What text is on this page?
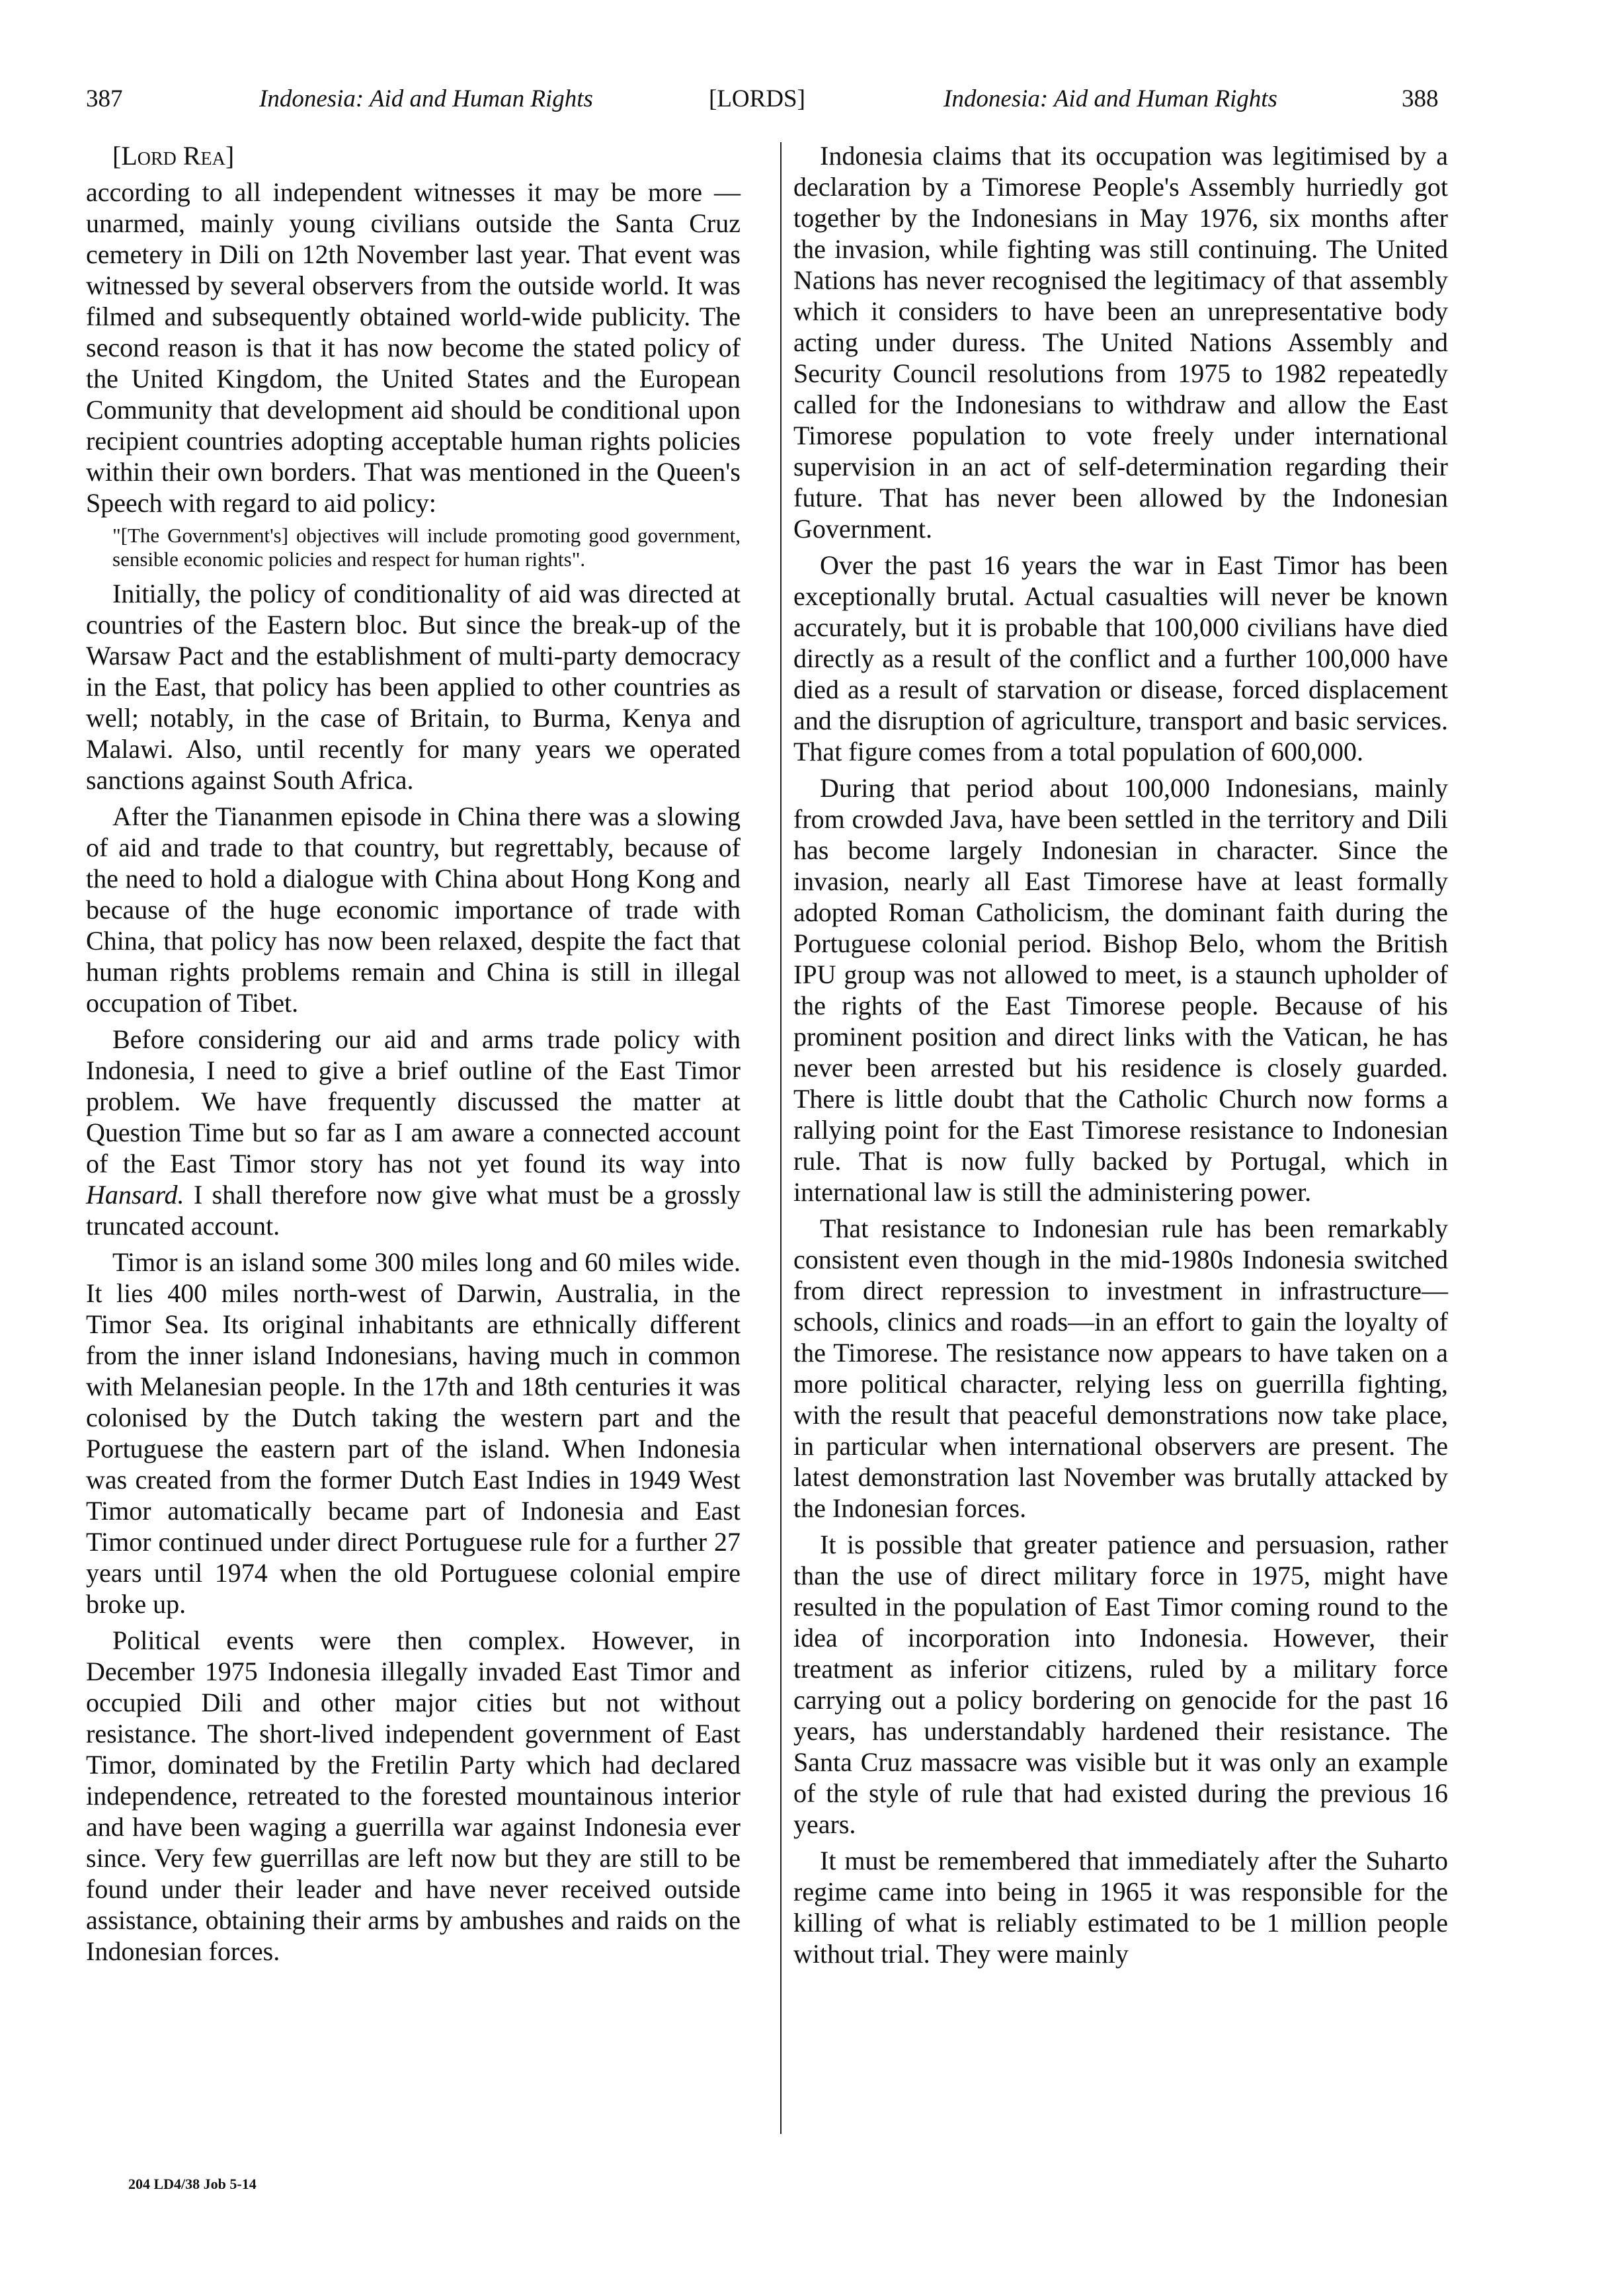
387	Indonesia: Aid and Human Rights	[LORDS]	Indonesia: Aid and Human Rights	388

[Lord Rea]

according to all independent witnesses it may be more —unarmed, mainly young civilians outside the Santa Cruz cemetery in Dili on 12th November last year. That event was witnessed by several observers from the outside world. It was filmed and subsequently obtained world-wide publicity. The second reason is that it has now become the stated policy of the United Kingdom, the United States and the European Community that development aid should be conditional upon recipient countries adopting acceptable human rights policies within their own borders. That was mentioned in the Queen's Speech with regard to aid policy:

"[The Government's] objectives will include promoting good government, sensible economic policies and respect for human rights".

Initially, the policy of conditionality of aid was directed at countries of the Eastern bloc. But since the break-up of the Warsaw Pact and the establishment of multi-party democracy in the East, that policy has been applied to other countries as well; notably, in the case of Britain, to Burma, Kenya and Malawi. Also, until recently for many years we operated sanctions against South Africa.

After the Tiananmen episode in China there was a slowing of aid and trade to that country, but regrettably, because of the need to hold a dialogue with China about Hong Kong and because of the huge economic importance of trade with China, that policy has now been relaxed, despite the fact that human rights problems remain and China is still in illegal occupation of Tibet.

Before considering our aid and arms trade policy with Indonesia, I need to give a brief outline of the East Timor problem. We have frequently discussed the matter at Question Time but so far as I am aware a connected account of the East Timor story has not yet found its way into Hansard. I shall therefore now give what must be a grossly truncated account.

Timor is an island some 300 miles long and 60 miles wide. It lies 400 miles north-west of Darwin, Australia, in the Timor Sea. Its original inhabitants are ethnically different from the inner island Indonesians, having much in common with Melanesian people. In the 17th and 18th centuries it was colonised by the Dutch taking the western part and the Portuguese the eastern part of the island. When Indonesia was created from the former Dutch East Indies in 1949 West Timor automatically became part of Indonesia and East Timor continued under direct Portuguese rule for a further 27 years until 1974 when the old Portuguese colonial empire broke up.

Political events were then complex. However, in December 1975 Indonesia illegally invaded East Timor and occupied Dili and other major cities but not without resistance. The short-lived independent government of East Timor, dominated by the Fretilin Party which had declared independence, retreated to the forested mountainous interior and have been waging a guerrilla war against Indonesia ever since. Very few guerrillas are left now but they are still to be found under their leader and have never received outside assistance, obtaining their arms by ambushes and raids on the Indonesian forces.

Indonesia claims that its occupation was legitimised by a declaration by a Timorese People's Assembly hurriedly got together by the Indonesians in May 1976, six months after the invasion, while fighting was still continuing. The United Nations has never recognised the legitimacy of that assembly which it considers to have been an unrepresentative body acting under duress. The United Nations Assembly and Security Council resolutions from 1975 to 1982 repeatedly called for the Indonesians to withdraw and allow the East Timorese population to vote freely under international supervision in an act of self-determination regarding their future. That has never been allowed by the Indonesian Government.

Over the past 16 years the war in East Timor has been exceptionally brutal. Actual casualties will never be known accurately, but it is probable that 100,000 civilians have died directly as a result of the conflict and a further 100,000 have died as a result of starvation or disease, forced displacement and the disruption of agriculture, transport and basic services. That figure comes from a total population of 600,000.

During that period about 100,000 Indonesians, mainly from crowded Java, have been settled in the territory and Dili has become largely Indonesian in character. Since the invasion, nearly all East Timorese have at least formally adopted Roman Catholicism, the dominant faith during the Portuguese colonial period. Bishop Belo, whom the British IPU group was not allowed to meet, is a staunch upholder of the rights of the East Timorese people. Because of his prominent position and direct links with the Vatican, he has never been arrested but his residence is closely guarded. There is little doubt that the Catholic Church now forms a rallying point for the East Timorese resistance to Indonesian rule. That is now fully backed by Portugal, which in international law is still the administering power.

That resistance to Indonesian rule has been remarkably consistent even though in the mid-1980s Indonesia switched from direct repression to investment in infrastructure—schools, clinics and roads—in an effort to gain the loyalty of the Timorese. The resistance now appears to have taken on a more political character, relying less on guerrilla fighting, with the result that peaceful demonstrations now take place, in particular when international observers are present. The latest demonstration last November was brutally attacked by the Indonesian forces.

It is possible that greater patience and persuasion, rather than the use of direct military force in 1975, might have resulted in the population of East Timor coming round to the idea of incorporation into Indonesia. However, their treatment as inferior citizens, ruled by a military force carrying out a policy bordering on genocide for the past 16 years, has understandably hardened their resistance. The Santa Cruz massacre was visible but it was only an example of the style of rule that had existed during the previous 16 years.

It must be remembered that immediately after the Suharto regime came into being in 1965 it was responsible for the killing of what is reliably estimated to be 1 million people without trial. They were mainly

204 LD4/38 Job 5-14
